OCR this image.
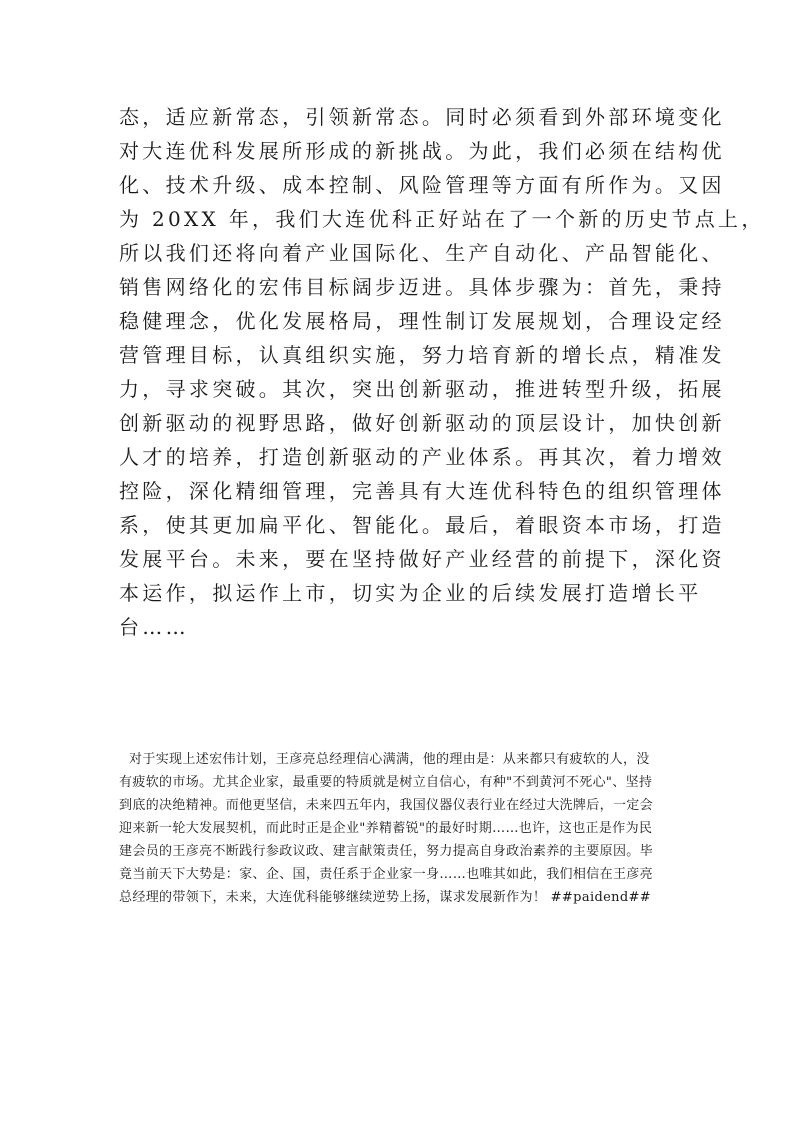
态，适应新常态，引领新常态。同时必须看到外部环境变化
对大连优科发展所形成的新挑战。为此，我们必须在结构优
化、技术升级、成本控制、风险管理等方面有所作为。又因
为 20XX 年，我们大连优科正好站在了一个新的历史节点上，
所以我们还将向着产业国际化、生产自动化、产品智能化、
销售网络化的宏伟目标阔步迈进。具体步骤为：首先，秉持
稳健理念，优化发展格局，理性制订发展规划，合理设定经
营管理目标，认真组织实施，努力培育新的增长点，精准发
力，寻求突破。其次，突出创新驱动，推进转型升级，拓展
创新驱动的视野思路，做好创新驱动的顶层设计，加快创新
人才的培养，打造创新驱动的产业体系。再其次，着力增效
控险，深化精细管理，完善具有大连优科特色的组织管理体
系，使其更加扁平化、智能化。最后，着眼资本市场，打造
发展平台。未来，要在坚持做好产业经营的前提下，深化资
本运作，拟运作上市，切实为企业的后续发展打造增长平
台……
对于实现上述宏伟计划，王彦亮总经理信心满满，他的理由是：从来都只有疲软的人，没
有疲软的市场。尤其企业家，最重要的特质就是树立自信心，有种"不到黄河不死心"、坚持
到底的决绝精神。而他更坚信，未来四五年内，我国仪器仪表行业在经过大洗牌后，一定会
迎来新一轮大发展契机，而此时正是企业"养精蓄锐"的最好时期……也许，这也正是作为民
建会员的王彦亮不断践行参政议政、建言献策责任，努力提高自身政治素养的主要原因。毕
竟当前天下大势是：家、企、国，责任系于企业家一身……也唯其如此，我们相信在王彦亮
总经理的带领下，未来，大连优科能够继续逆势上扬，谋求发展新作为！ ##paidend##
